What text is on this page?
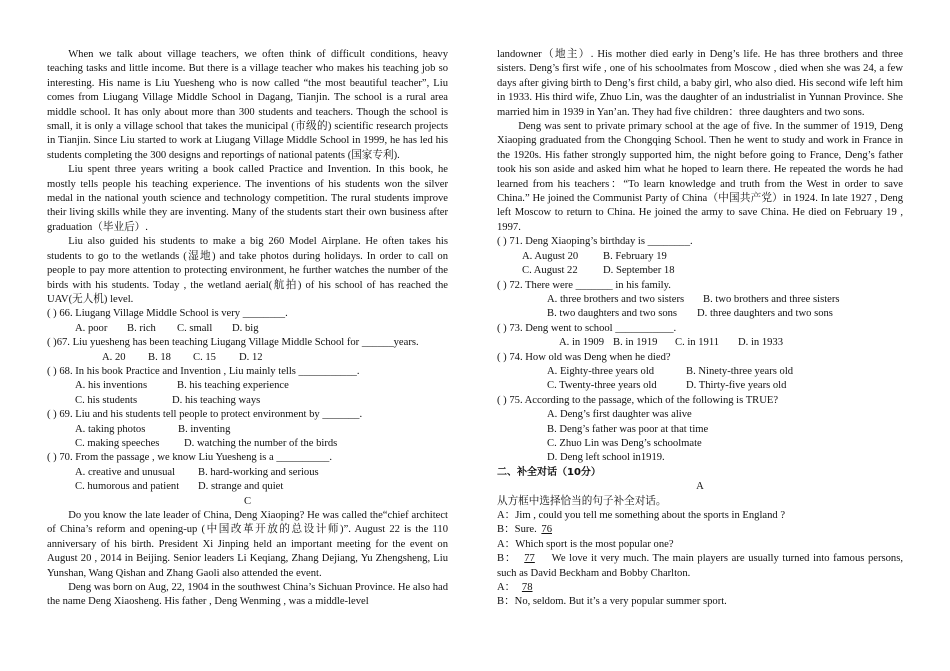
When we talk about village teachers, we often think of difficult conditions, heavy teaching tasks and little income. But there is a village teacher who makes his teaching job so interesting. His name is Liu Yuesheng who is now called “the most beautiful teacher”, Liu comes from Liugang Village Middle School in Dagang, Tianjin. The school is a rural area middle school. It has only about more than 300 students and teachers. Though the school is small, it is only a village school that takes the municipal (市级的) scientific research projects in Tianjin. Since Liu started to work at Liugang Village Middle School in 1999, he has led his students completing the 300 designs and reportings of national patents (国家专利).

Liu spent three years writing a book called Practice and Invention. In this book, he mostly tells people his teaching experience. The inventions of his students won the silver medal in the national youth science and technology competition. The rural students improve their living skills while they are inventing. Many of the students start their own business after graduation（毕业后）.

Liu also guided his students to make a big 260 Model Airplane. He often takes his students to go to the wetlands (湿地) and take photos during holidays. In order to call on people to pay more attention to protecting environment, he further watches the number of the birds with his students. Today , the wetland aerial(航拍) of his school of has reached the UAV(无人机) level.

( ) 66. Liugang Village Middle School is very ________.

A. poor B. rich C. small D. big

( )67. Liu yuesheng has been teaching Liugang Village Middle School for ______years.

A. 20 B. 18 C. 15 D. 12

( ) 68. In his book Practice and Invention , Liu mainly tells ___________.

A. his inventions	B. his teaching experience
C. his students	D. his teaching ways

( ) 69. Liu and his students tell people to protect environment by _______.

A. taking photos	B. inventing
C. making speeches D. watching the number of the birds

( ) 70. From the passage , we know Liu Yuesheng is a __________.

A. creative and unusual B. hard-working and serious
C. humorous and patient D. strange and quiet

C

Do you know the late leader of China, Deng Xiaoping? He was called the“chief architect of China’s reform and opening-up (中国改革开放的总设计师)”. August 22 is the 110 anniversary of his birth. President Xi Jinping held an important meeting for the event on August 20 , 2014 in Beijing. Senior leaders Li Keqiang, Zhang Dejiang, Yu Zhengsheng, Liu Yunshan, Wang Qishan and Zhang Gaoli also attended the event.

Deng was born on Aug, 22, 1904 in the southwest China’s Sichuan Province. He also had the name Deng Xiaosheng. His father , Deng Wenming , was a middle-level

landowner（地主）. His mother died early in Deng’s life. He has three brothers and three sisters. Deng’s first wife , one of his schoolmates from Moscow , died when she was 24, a few days after giving birth to Deng’s first child, a baby girl, who also died. His second wife left him in 1933. His third wife, Zhuo Lin, was the daughter of an industrialist in Yunnan Province. She married him in 1939 in Yan’an. They had five children：three daughters and two sons.

Deng was sent to private primary school at the age of five. In the summer of 1919, Deng Xiaoping graduated from the Chongqing School. Then he went to study and work in France in the 1920s. His father strongly supported him, the night before going to France, Deng’s father took his son aside and asked him what he hoped to learn there. He repeated the words he had learned from his teachers：“To learn knowledge and truth from the West in order to save China.” He joined the Communist Party of China（中国共产党）in 1924. In late 1927 , Deng left Moscow to return to China. He joined the army to save China. He died on February 19 , 1997.

( ) 71. Deng Xiaoping’s birthday is ________.

A. August 20 B. February 19
C. August 22 D. September 18

( ) 72. There were _______ in his family.

A. three brothers and two sisters B. two brothers and three sisters
B. two daughters and two sons D. three daughters and two sons

( ) 73. Deng went to school ___________.

A. in 1909 B. in 1919 C. in 1911 D. in 1933

( ) 74. How old was Deng when he died?

A. Eighty-three years old	B. Ninety-three years old
C. Twenty-three years old	D. Thirty-five years old

( ) 75. According to the passage, which of the following is TRUE?

A. Deng’s first daughter was alive

B. Deng’s father was poor at that time

C. Zhuo Lin was Deng’s schoolmate

D. Deng left school in1919.

二、补全对话（10分）

A

从方框中选择恰当的句子补全对话。

A：Jim , could you tell me something about the sports in England ?

B：Sure. 76

A：Which sport is the most popular one?

B： 77 We love it very much. The main players are usually turned into famous persons, such as David Beckham and Bobby Charlton.

A： 78

B：No, seldom. But it’s a very popular summer sport.
